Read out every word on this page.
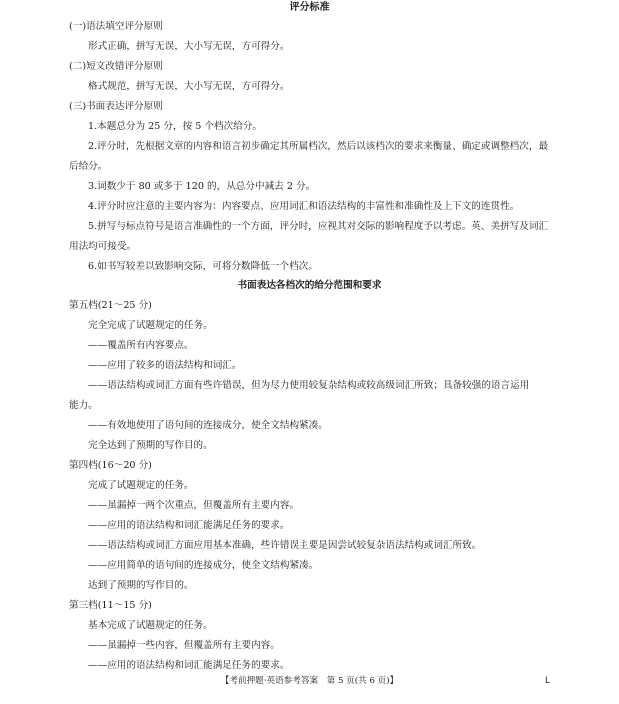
评分标准
(一)语法填空评分原则
形式正确，拼写无误，大小写无误，方可得分。
(二)短文改错评分原则
格式规范，拼写无误，大小写无误，方可得分。
(三)书面表达评分原则
1.本题总分为 25 分，按 5 个档次给分。
2.评分时，先根据文章的内容和语言初步确定其所属档次，然后以该档次的要求来衡量、确定或调整档次，最
后给分。
3.词数少于 80 或多于 120 的，从总分中减去 2 分。
4.评分时应注意的主要内容为：内容要点、应用词汇和语法结构的丰富性和准确性及上下文的连贯性。
5.拼写与标点符号是语言准确性的一个方面，评分时，应视其对交际的影响程度予以考虑。英、美拼写及词汇
用法均可接受。
6.如书写较差以致影响交际，可将分数降低一个档次。
书面表达各档次的给分范围和要求
第五档(21～25 分)
完全完成了试题规定的任务。
——覆盖所有内容要点。
——应用了较多的语法结构和词汇。
——语法结构或词汇方面有些许错误，但为尽力使用较复杂结构或较高级词汇所致；具备较强的语言运用
能力。
——有效地使用了语句间的连接成分，使全文结构紧凑。
完全达到了预期的写作目的。
第四档(16～20 分)
完成了试题规定的任务。
——虽漏掉一两个次重点，但覆盖所有主要内容。
——应用的语法结构和词汇能满足任务的要求。
——语法结构或词汇方面应用基本准确，些许错误主要是因尝试较复杂语法结构或词汇所致。
——应用简单的语句间的连接成分，使全文结构紧凑。
达到了预期的写作目的。
第三档(11～15 分)
基本完成了试题规定的任务。
——虽漏掉一些内容，但覆盖所有主要内容。
——应用的语法结构和词汇能满足任务的要求。
【考前押题·英语参考答案　第 5 页(共 6 页)】	L
